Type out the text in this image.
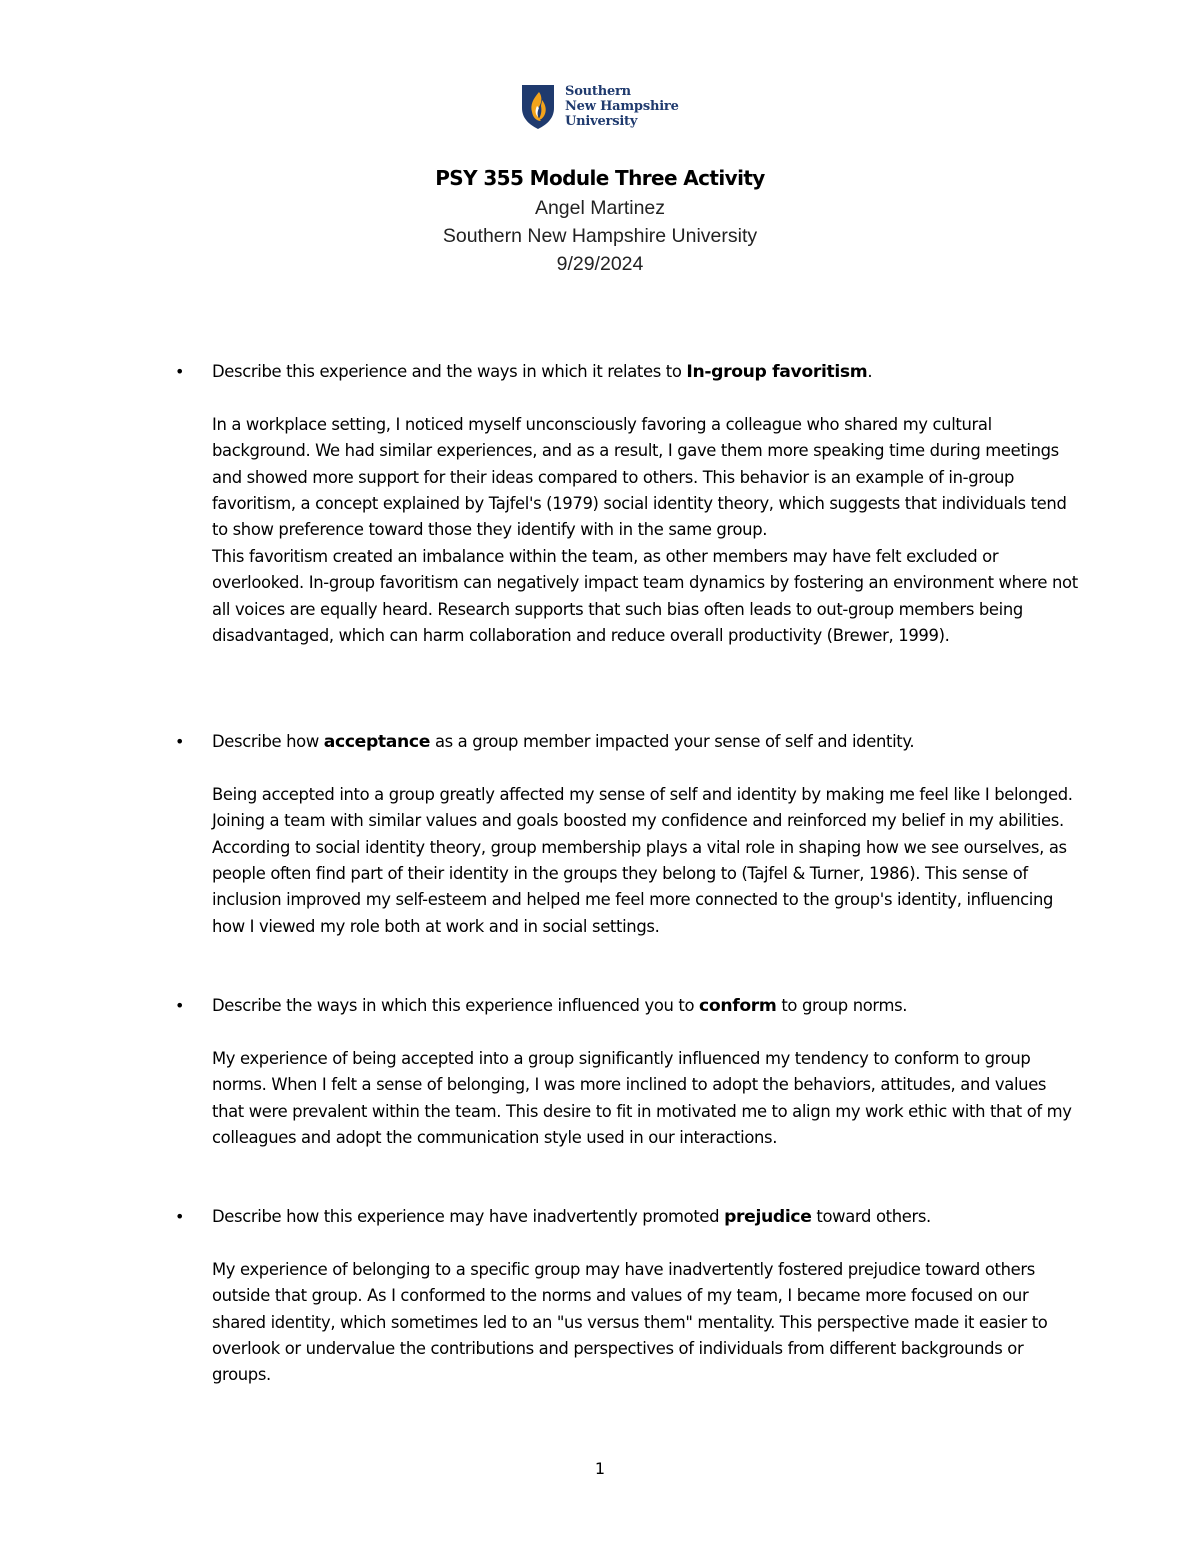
Southern
New Hampshire
University

PSY 355 Module Three Activity

Angel Martinez

Southern New Hampshire University

9/29/2024

• Describe this experience and the ways in which it relates to In-group favoritism.

In a workplace setting, I noticed myself unconsciously favoring a colleague who shared my cultural background. We had similar experiences, and as a result, I gave them more speaking time during meetings and showed more support for their ideas compared to others. This behavior is an example of in-group favoritism, a concept explained by Tajfel's (1979) social identity theory, which suggests that individuals tend to show preference toward those they identify with in the same group.

This favoritism created an imbalance within the team, as other members may have felt excluded or overlooked. In-group favoritism can negatively impact team dynamics by fostering an environment where not all voices are equally heard. Research supports that such bias often leads to out-group members being disadvantaged, which can harm collaboration and reduce overall productivity (Brewer, 1999).

• Describe how acceptance as a group member impacted your sense of self and identity.

Being accepted into a group greatly affected my sense of self and identity by making me feel like I belonged. Joining a team with similar values and goals boosted my confidence and reinforced my belief in my abilities. According to social identity theory, group membership plays a vital role in shaping how we see ourselves, as people often find part of their identity in the groups they belong to (Tajfel & Turner, 1986). This sense of inclusion improved my self-esteem and helped me feel more connected to the group's identity, influencing how I viewed my role both at work and in social settings.

• Describe the ways in which this experience influenced you to conform to group norms.

My experience of being accepted into a group significantly influenced my tendency to conform to group norms. When I felt a sense of belonging, I was more inclined to adopt the behaviors, attitudes, and values that were prevalent within the team. This desire to fit in motivated me to align my work ethic with that of my colleagues and adopt the communication style used in our interactions.

• Describe how this experience may have inadvertently promoted prejudice toward others.

My experience of belonging to a specific group may have inadvertently fostered prejudice toward others outside that group. As I conformed to the norms and values of my team, I became more focused on our shared identity, which sometimes led to an "us versus them" mentality. This perspective made it easier to overlook or undervalue the contributions and perspectives of individuals from different backgrounds or groups.

1
